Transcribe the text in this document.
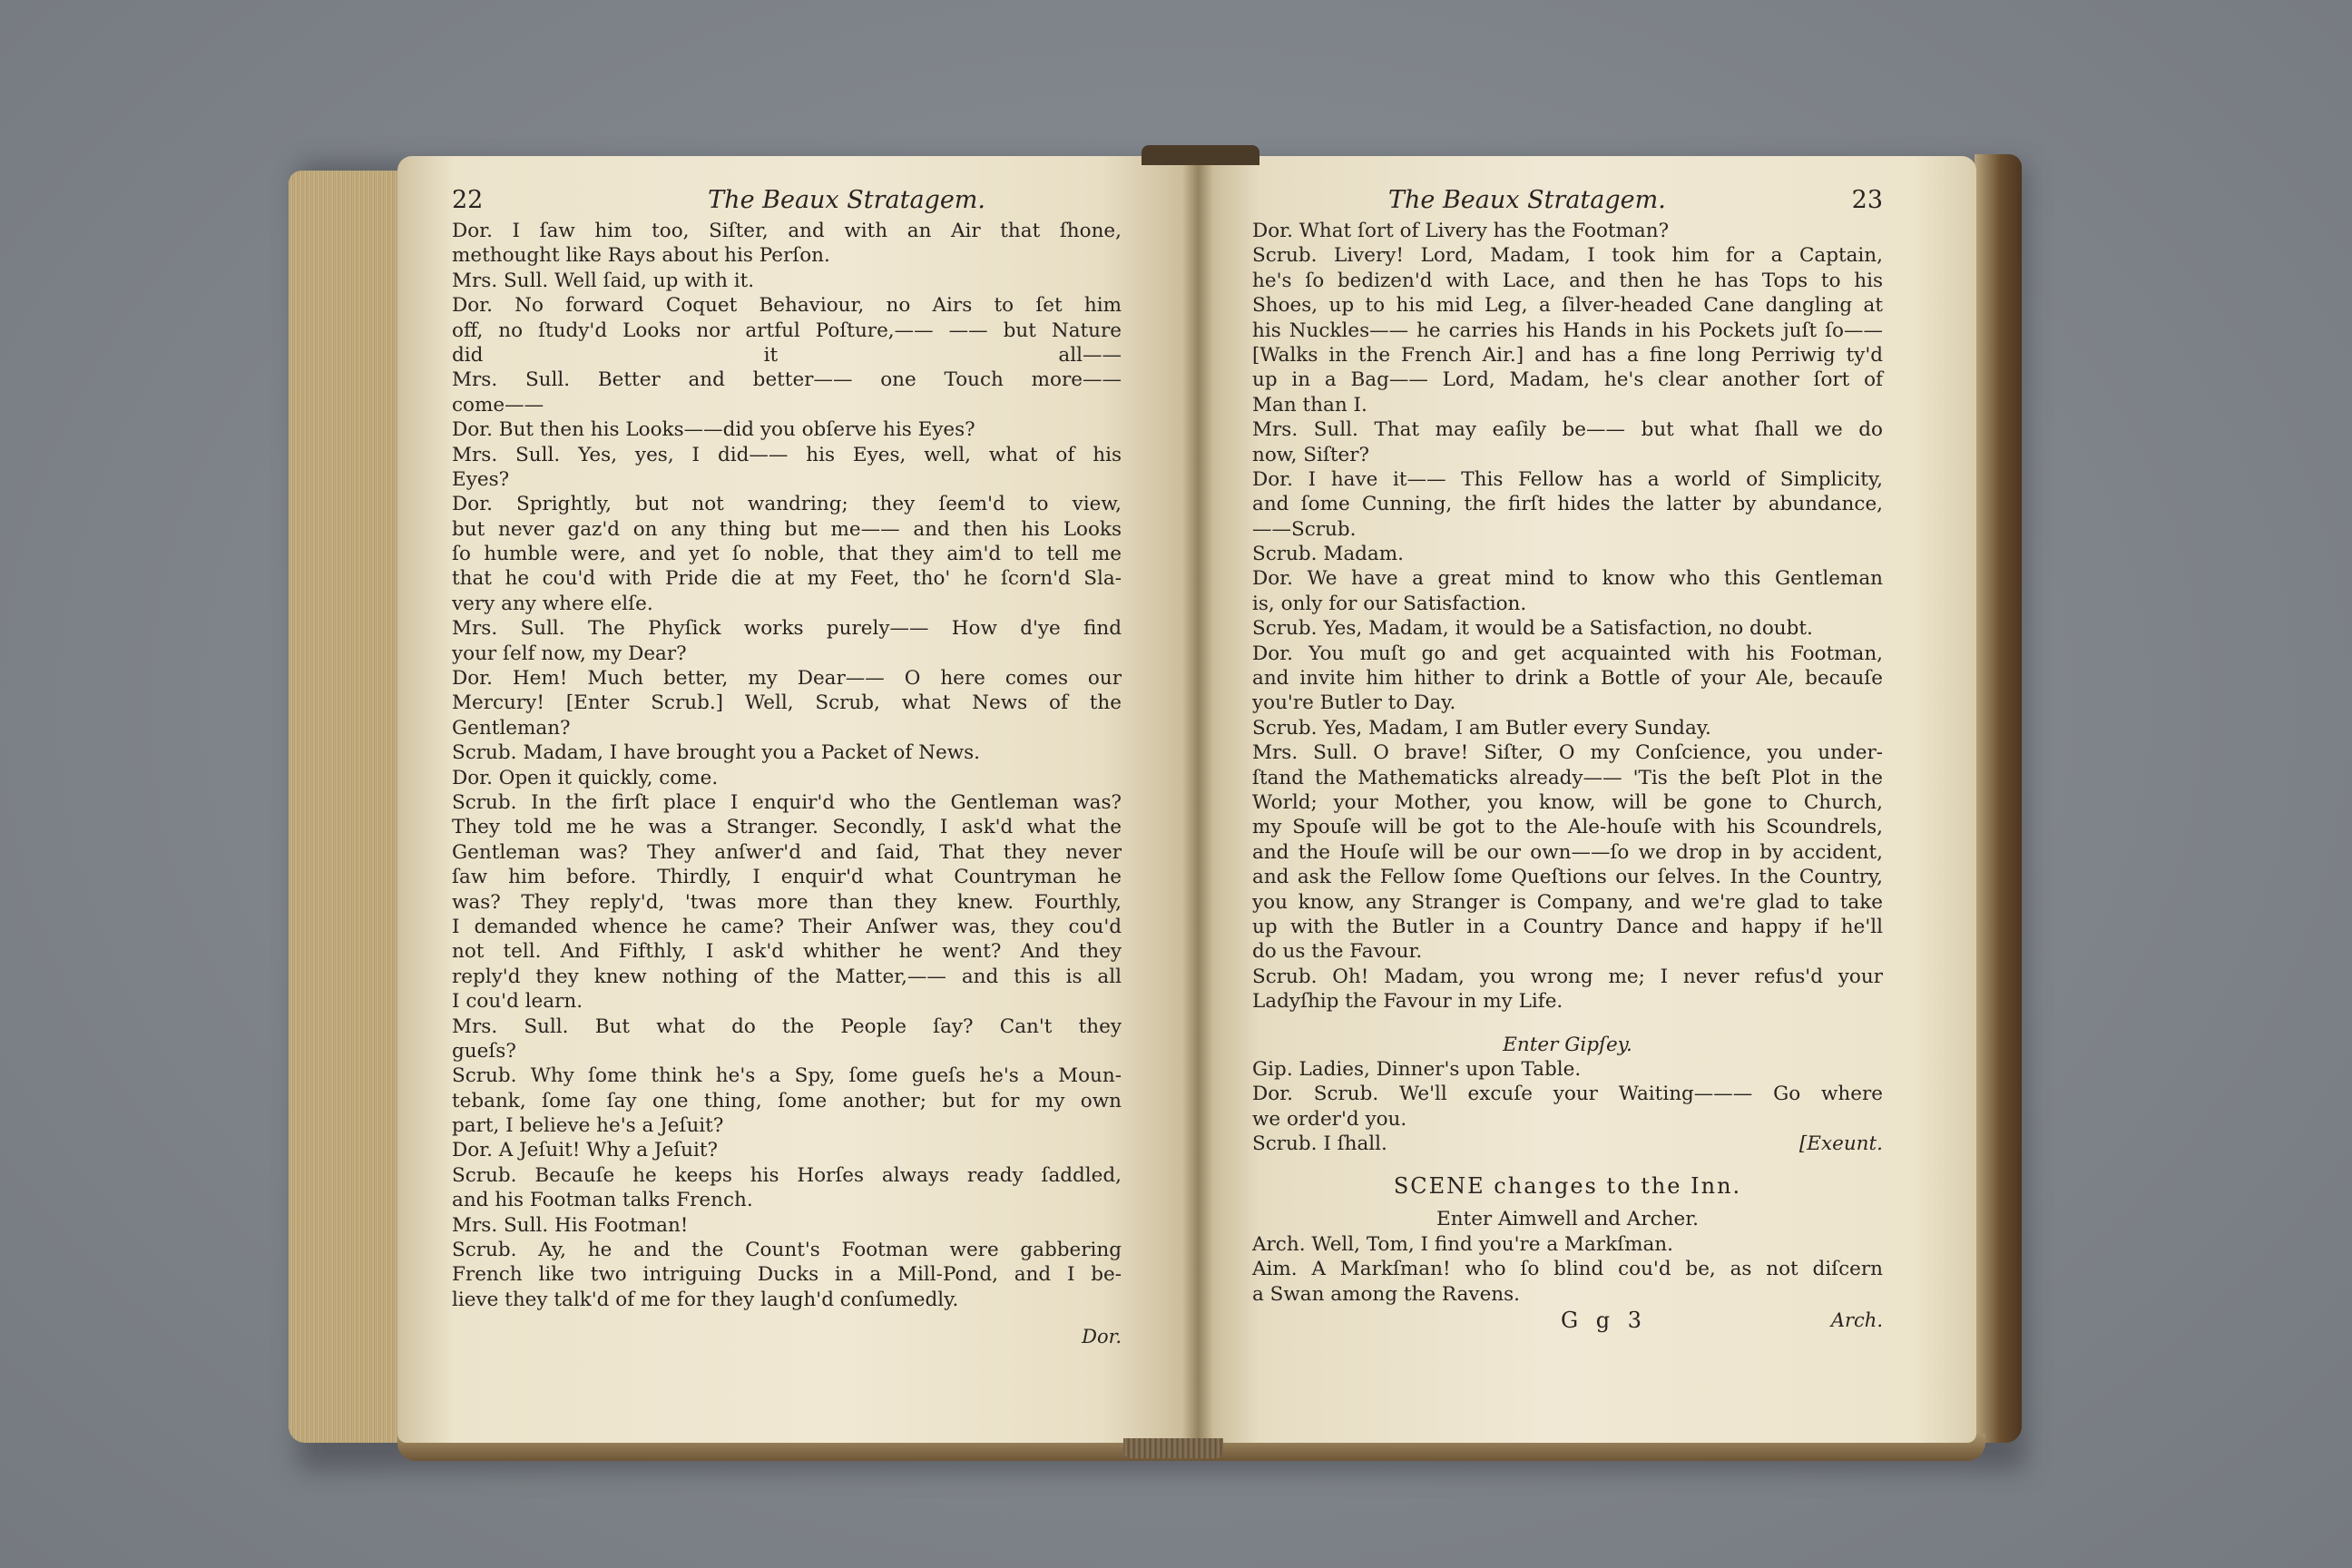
22	The Beaux Stratagem.
Dor. I ſaw him too, Siſter, and with an Air that ſhone,
methought like Rays about his Perſon.
Mrs. Sull. Well ſaid, up with it.
Dor. No forward Coquet Behaviour, no Airs to ſet him
off, no ſtudy'd Looks nor artful Poſture,—— —— but Nature
did it all——
Mrs. Sull. Better and better—— one Touch more——
come——
Dor. But then his Looks——did you obſerve his Eyes?
Mrs. Sull. Yes, yes, I did—— his Eyes, well, what of his
Eyes?
Dor. Sprightly, but not wandring; they ſeem'd to view,
but never gaz'd on any thing but me—— and then his Looks
ſo humble were, and yet ſo noble, that they aim'd to tell me
that he cou'd with Pride die at my Feet, tho' he ſcorn'd Sla-
very any where elſe.
Mrs. Sull. The Phyſick works purely—— How d'ye find
your ſelf now, my Dear?
Dor. Hem! Much better, my Dear—— O here comes our
Mercury! [Enter Scrub.] Well, Scrub, what News of the
Gentleman?
Scrub. Madam, I have brought you a Packet of News.
Dor. Open it quickly, come.
Scrub. In the firſt place I enquir'd who the Gentleman was?
They told me he was a Stranger. Secondly, I ask'd what the
Gentleman was? They anſwer'd and ſaid, That they never
ſaw him before. Thirdly, I enquir'd what Countryman he
was? They reply'd, 'twas more than they knew. Fourthly,
I demanded whence he came? Their Anſwer was, they cou'd
not tell. And Fifthly, I ask'd whither he went? And they
reply'd they knew nothing of the Matter,—— and this is all
I cou'd learn.
Mrs. Sull. But what do the People ſay? Can't they
gueſs?
Scrub. Why ſome think he's a Spy, ſome gueſs he's a Moun-
tebank, ſome ſay one thing, ſome another; but for my own
part, I believe he's a Jeſuit?
Dor. A Jeſuit! Why a Jeſuit?
Scrub. Becauſe he keeps his Horſes always ready ſaddled,
and his Footman talks French.
Mrs. Sull. His Footman!
Scrub. Ay, he and the Count's Footman were gabbering
French like two intriguing Ducks in a Mill-Pond, and I be-
lieve they talk'd of me for they laugh'd conſumedly.
Dor.
The Beaux Stratagem.	23
Dor. What ſort of Livery has the Footman?
Scrub. Livery! Lord, Madam, I took him for a Captain,
he's ſo bedizen'd with Lace, and then he has Tops to his
Shoes, up to his mid Leg, a ſilver-headed Cane dangling at
his Nuckles—— he carries his Hands in his Pockets juſt ſo——
[Walks in the French Air.] and has a fine long Perriwig ty'd
up in a Bag—— Lord, Madam, he's clear another ſort of
Man than I.
Mrs. Sull. That may eaſily be—— but what ſhall we do
now, Siſter?
Dor. I have it—— This Fellow has a world of Simplicity,
and ſome Cunning, the firſt hides the latter by abundance,
——Scrub.
Scrub. Madam.
Dor. We have a great mind to know who this Gentleman
is, only for our Satisfaction.
Scrub. Yes, Madam, it would be a Satisfaction, no doubt.
Dor. You muſt go and get acquainted with his Footman,
and invite him hither to drink a Bottle of your Ale, becauſe
you're Butler to Day.
Scrub. Yes, Madam, I am Butler every Sunday.
Mrs. Sull. O brave! Siſter, O my Conſcience, you under-
ſtand the Mathematicks already—— 'Tis the beſt Plot in the
World; your Mother, you know, will be gone to Church,
my Spouſe will be got to the Ale-houſe with his Scoundrels,
and the Houſe will be our own——ſo we drop in by accident,
and ask the Fellow ſome Queſtions our ſelves. In the Country,
you know, any Stranger is Company, and we're glad to take
up with the Butler in a Country Dance and happy if he'll
do us the Favour.
Scrub. Oh! Madam, you wrong me; I never refus'd your
Ladyſhip the Favour in my Life.
Enter Gipſey.
Gip. Ladies, Dinner's upon Table.
Dor. Scrub. We'll excuſe your Waiting——— Go where
we order'd you.
Scrub. I ſhall.	[Exeunt.
SCENE changes to the Inn.
Enter Aimwell and Archer.
Arch. Well, Tom, I find you're a Markſman.
Aim. A Markſman! who ſo blind cou'd be, as not diſcern
a Swan among the Ravens.
G g 3	Arch.
